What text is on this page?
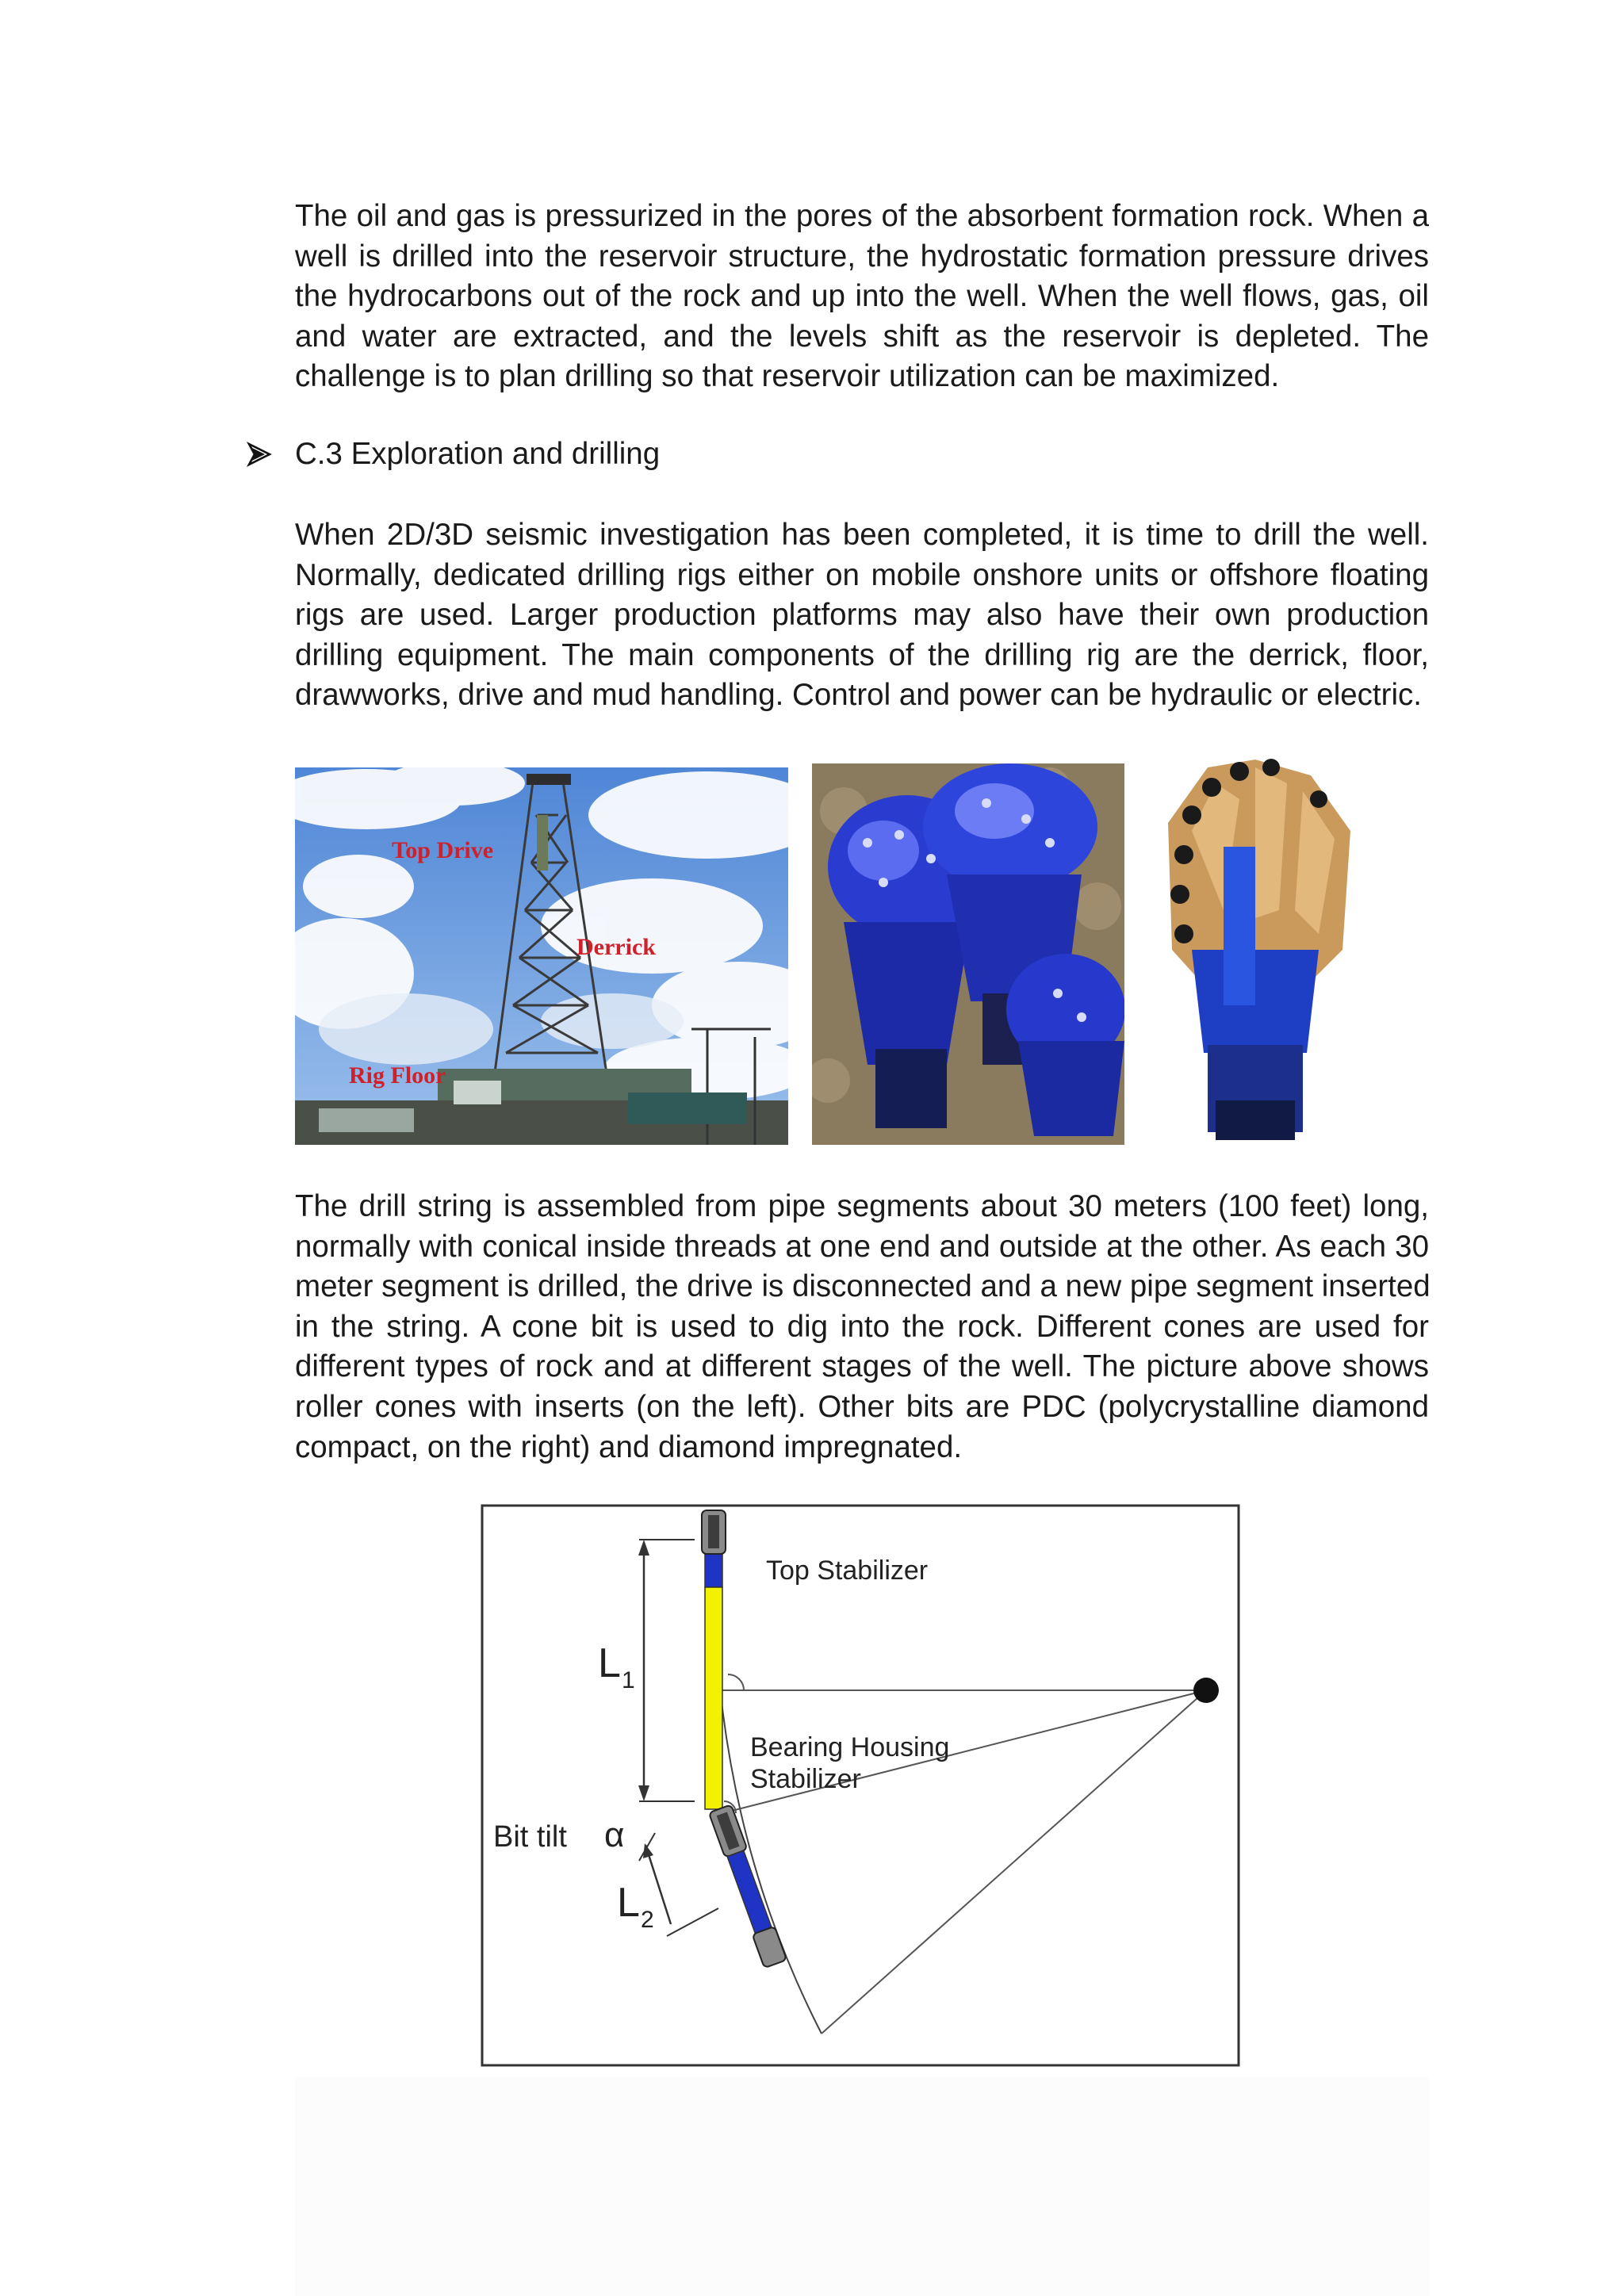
The oil and gas is pressurized in the pores of the absorbent formation rock. When a
well is drilled into the reservoir structure, the hydrostatic formation pressure drives
the hydrocarbons out of the rock and up into the well. When the well flows, gas, oil
and water are extracted, and the levels shift as the reservoir is depleted. The
challenge is to plan drilling so that reservoir utilization can be maximized.
C.3 Exploration and drilling
When 2D/3D seismic investigation has been completed, it is time to drill the well.
Normally, dedicated drilling rigs either on mobile onshore units or offshore floating
rigs are used. Larger production platforms may also have their own production
drilling equipment. The main components of the drilling rig are the derrick, floor,
drawworks, drive and mud handling. Control and power can be hydraulic or electric.
Top Drive
Derrick
Rig Floor
The drill string is assembled from pipe segments about 30 meters (100 feet) long,
normally with conical inside threads at one end and outside at the other. As each 30
meter segment is drilled, the drive is disconnected and a new pipe segment inserted
in the string. A cone bit is used to dig into the rock. Different cones are used for
different types of rock and at different stages of the well. The picture above shows
roller cones with inserts (on the left). Other bits are PDC (polycrystalline diamond
compact, on the right) and diamond impregnated.
Top Stabilizer
Bearing Housing
Stabilizer
Bit tilt α
L 1
L 2
